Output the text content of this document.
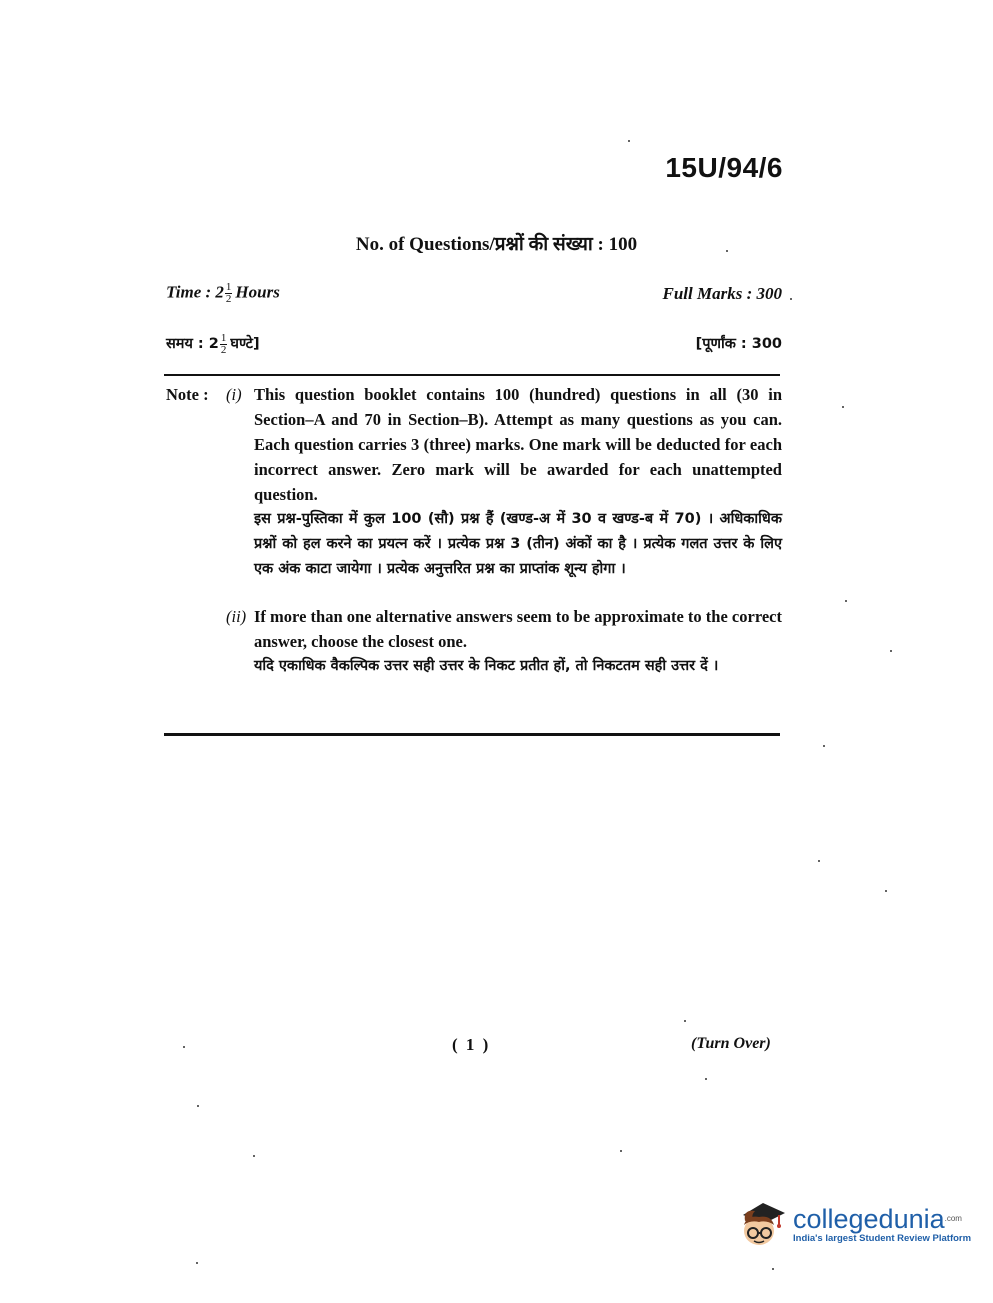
15U/94/6
No. of Questions/प्रश्नों की संख्या : 100
Time : $2 \frac{1}{2}$ Hours	Full Marks : 300
समय : $2 \frac{1}{2}$ घण्टे]	[पूर्णांक : 300
Note : (i) This question booklet contains 100 (hundred) questions in all (30 in Section–A and 70 in Section–B). Attempt as many questions as you can. Each question carries 3 (three) marks. One mark will be deducted for each incorrect answer. Zero mark will be awarded for each unattempted question.
इस प्रश्न-पुस्तिका में कुल 100 (सौ) प्रश्न हैं (खण्ड-अ में 30 व खण्ड-ब में 70) । अधिकाधिक प्रश्नों को हल करने का प्रयत्न करें । प्रत्येक प्रश्न 3 (तीन) अंकों का है । प्रत्येक गलत उत्तर के लिए एक अंक काटा जायेगा । प्रत्येक अनुत्तरित प्रश्न का प्राप्तांक शून्य होगा ।
(ii) If more than one alternative answers seem to be approximate to the correct answer, choose the closest one.
यदि एकाधिक वैकल्पिक उत्तर सही उत्तर के निकट प्रतीत हों, तो निकटतम सही उत्तर दें ।
( 1 )	(Turn Over)
collegedunia$^{.com}$
India's largest Student Review Platform
